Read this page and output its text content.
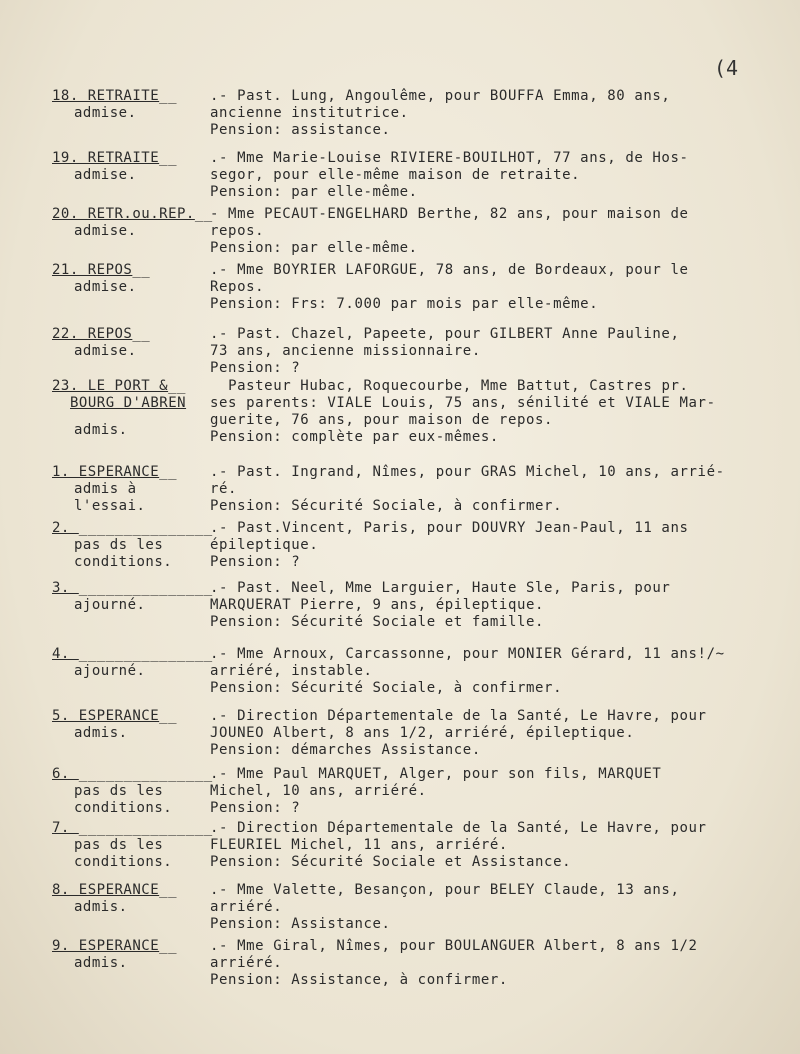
(4
18. RETRAITE__
admise.
.- Past. Lung, Angoulême, pour BOUFFA Emma, 80 ans,
ancienne institutrice.
Pension: assistance.
19. RETRAITE__
admise.
.- Mme Marie-Louise RIVIERE-BOUILHOT, 77 ans, de Hos-
segor, pour elle-même maison de retraite.
Pension: par elle-même.
20. RETR.ou.REP.__
admise.
- Mme PECAUT-ENGELHARD Berthe, 82 ans, pour maison de
repos.
Pension: par elle-même.
21. REPOS__
admise.
.- Mme BOYRIER LAFORGUE, 78 ans, de Bordeaux, pour le
Repos.
Pension: Frs: 7.000 par mois par elle-même.
22. REPOS__
admise.
.- Past. Chazel, Papeete, pour GILBERT Anne Pauline,
73 ans, ancienne missionnaire.
Pension: ?
23. LE PORT &__
BOURG D'ABREN
admis.
Pasteur Hubac, Roquecourbe, Mme Battut, Castres pr.
ses parents: VIALE Louis, 75 ans, sénilité et VIALE Mar-
guerite, 76 ans, pour maison de repos.
Pension: complète par eux-mêmes.
1. ESPERANCE__
admis à
l'essai.
.- Past. Ingrand, Nîmes, pour GRAS Michel, 10 ans, arrié-
ré.
Pension: Sécurité Sociale, à confirmer.
2. _______________
pas ds les
conditions.
.- Past.Vincent, Paris, pour DOUVRY Jean-Paul, 11 ans
épileptique.
Pension: ?
3. _______________
ajourné.
.- Past. Neel, Mme Larguier, Haute Sle, Paris, pour
MARQUERAT Pierre, 9 ans, épileptique.
Pension: Sécurité Sociale et famille.
4. _______________
ajourné.
.- Mme Arnoux, Carcassonne, pour MONIER Gérard, 11 ans!/~
arriéré, instable.
Pension: Sécurité Sociale, à confirmer.
5. ESPERANCE__
admis.
.- Direction Départementale de la Santé, Le Havre, pour
JOUNEO Albert, 8 ans 1/2, arriéré, épileptique.
Pension: démarches Assistance.
6. _______________
pas ds les
conditions.
.- Mme Paul MARQUET, Alger, pour son fils, MARQUET
Michel, 10 ans, arriéré.
Pension: ?
7. _______________
pas ds les
conditions.
.- Direction Départementale de la Santé, Le Havre, pour
FLEURIEL Michel, 11 ans, arriéré.
Pension: Sécurité Sociale et Assistance.
8. ESPERANCE__
admis.
.- Mme Valette, Besançon, pour BELEY Claude, 13 ans,
arriéré.
Pension: Assistance.
9. ESPERANCE__
admis.
.- Mme Giral, Nîmes, pour BOULANGUER Albert, 8 ans 1/2
arriéré.
Pension: Assistance, à confirmer.
